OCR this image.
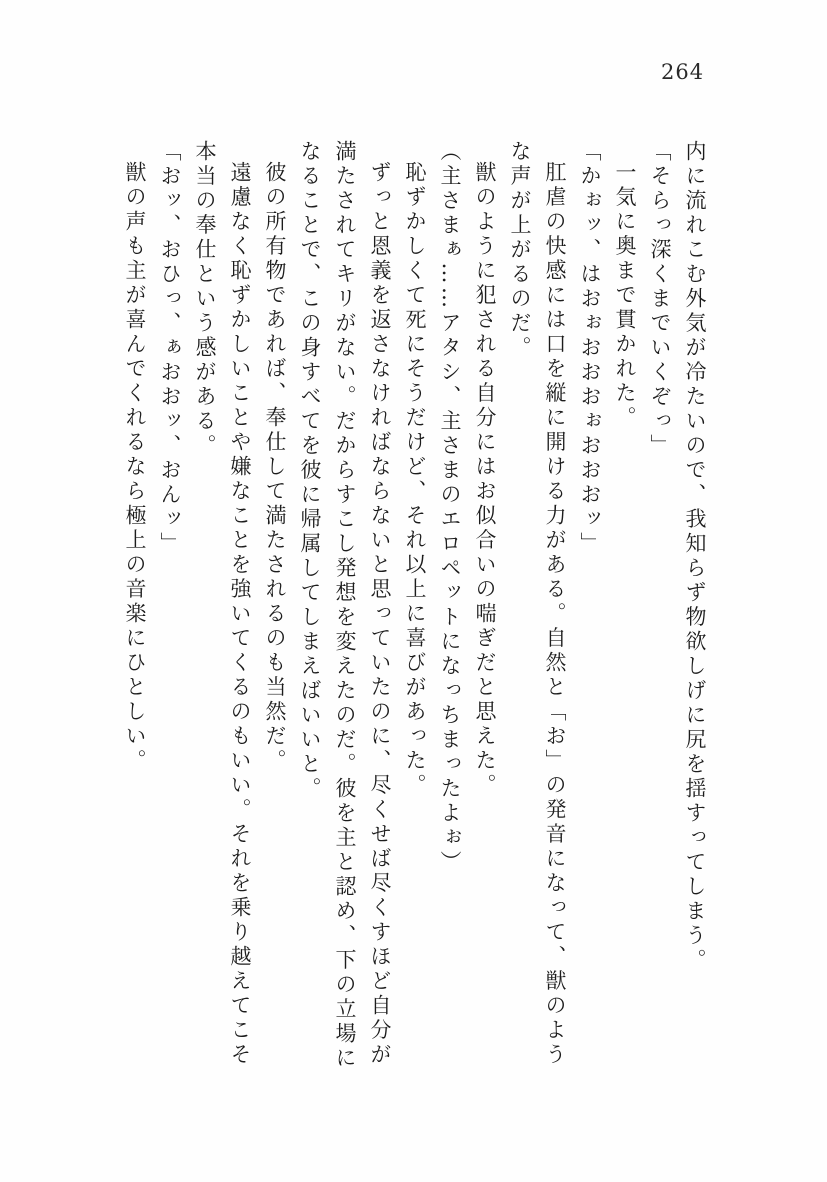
264

内に流れこむ外気が冷たいので、我知らず物欲しげに尻を揺すってしまう。

「そらっ深くまでいくぞっ」

一気に奥まで貫かれた。

「かぉッ、はおぉおおおぉおおおッ」

肛虐の快感には口を縦に開ける力がある。自然と「お」の発音になって、獣のような声が上がるのだ。

獣のように犯される自分にはお似合いの喘ぎだと思えた。

（主さまぁ……アタシ、主さまのエロペットになっちまったよぉ）

恥ずかしくて死にそうだけど、それ以上に喜びがあった。

ずっと恩義を返さなければならないと思っていたのに、尽くせば尽くすほど自分が満たされてキリがない。だからすこし発想を変えたのだ。彼を主と認め、下の立場になることで、この身すべてを彼に帰属してしまえばいいと。

彼の所有物であれば、奉仕して満たされるのも当然だ。

遠慮なく恥ずかしいことや嫌なことを強いてくるのもいい。それを乗り越えてこそ本当の奉仕という感がある。

「おッ、おひっ、ぁおおッ、おんッ」

獣の声も主が喜んでくれるなら極上の音楽にひとしい。
